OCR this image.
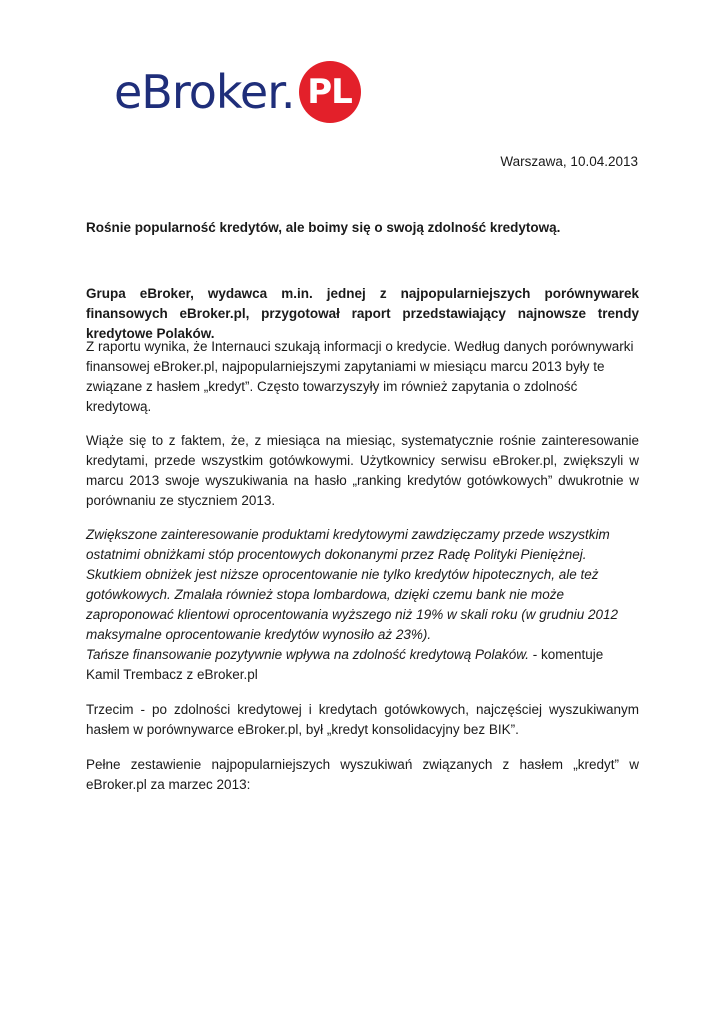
eBroker. PL
Warszawa, 10.04.2013

Rośnie popularność kredytów, ale boimy się o swoją zdolność kredytową.

Grupa eBroker, wydawca m.in. jednej z najpopularniejszych porównywarek finansowych eBroker.pl, przygotował raport przedstawiający najnowsze trendy kredytowe Polaków.

Z raportu wynika, że Internauci szukają informacji o kredycie. Według danych porównywarki finansowej eBroker.pl, najpopularniejszymi zapytaniami w miesiącu marcu 2013 były te związane z hasłem „kredyt”. Często towarzyszyły im również zapytania o zdolność kredytową.

Wiąże się to z faktem, że, z miesiąca na miesiąc, systematycznie rośnie zainteresowanie kredytami, przede wszystkim gotówkowymi. Użytkownicy serwisu eBroker.pl, zwiększyli w marcu 2013 swoje wyszukiwania na hasło „ranking kredytów gotówkowych” dwukrotnie w porównaniu ze styczniem 2013.

Zwiększone zainteresowanie produktami kredytowymi zawdzięczamy przede wszystkim ostatnimi obniżkami stóp procentowych dokonanymi przez Radę Polityki Pieniężnej.

Skutkiem obniżek jest niższe oprocentowanie nie tylko kredytów hipotecznych, ale też gotówkowych. Zmalała również stopa lombardowa, dzięki czemu bank nie może zaproponować klientowi oprocentowania wyższego niż 19% w skali roku (w grudniu 2012 maksymalne oprocentowanie kredytów wynosiło aż 23%).

Tańsze finansowanie pozytywnie wpływa na zdolność kredytową Polaków. - komentuje Kamil Trembacz z eBroker.pl

Trzecim - po zdolności kredytowej i kredytach gotówkowych, najczęściej wyszukiwanym hasłem w porównywarce eBroker.pl, był „kredyt konsolidacyjny bez BIK”.

Pełne zestawienie najpopularniejszych wyszukiwań związanych z hasłem „kredyt” w eBroker.pl za marzec 2013:
